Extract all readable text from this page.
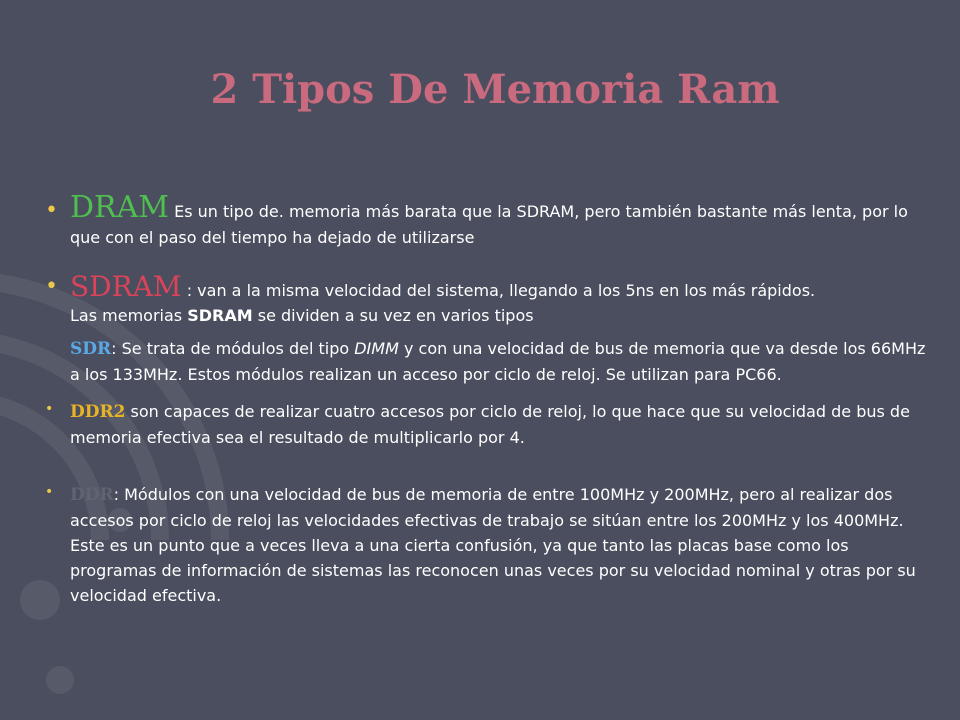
2 Tipos De Memoria Ram
• DRAM Es un tipo de. memoria más barata que la SDRAM, pero también bastante más lenta, por lo que con el paso del tiempo ha dejado de utilizarse
• SDRAM : van a la misma velocidad del sistema, llegando a los 5ns en los más rápidos.
Las memorias SDRAM se dividen a su vez en varios tipos
SDR: Se trata de módulos del tipo DIMM y con una velocidad de bus de memoria que va desde los 66MHz a los 133MHz. Estos módulos realizan un acceso por ciclo de reloj. Se utilizan para PC66.
• DDR2 son capaces de realizar cuatro accesos por ciclo de reloj, lo que hace que su velocidad de bus de memoria efectiva sea el resultado de multiplicarlo por 4.
• DDR: Módulos con una velocidad de bus de memoria de entre 100MHz y 200MHz, pero al realizar dos accesos por ciclo de reloj las velocidades efectivas de trabajo se sitúan entre los 200MHz y los 400MHz. Este es un punto que a veces lleva a una cierta confusión, ya que tanto las placas base como los programas de información de sistemas las reconocen unas veces por su velocidad nominal y otras por su velocidad efectiva.
